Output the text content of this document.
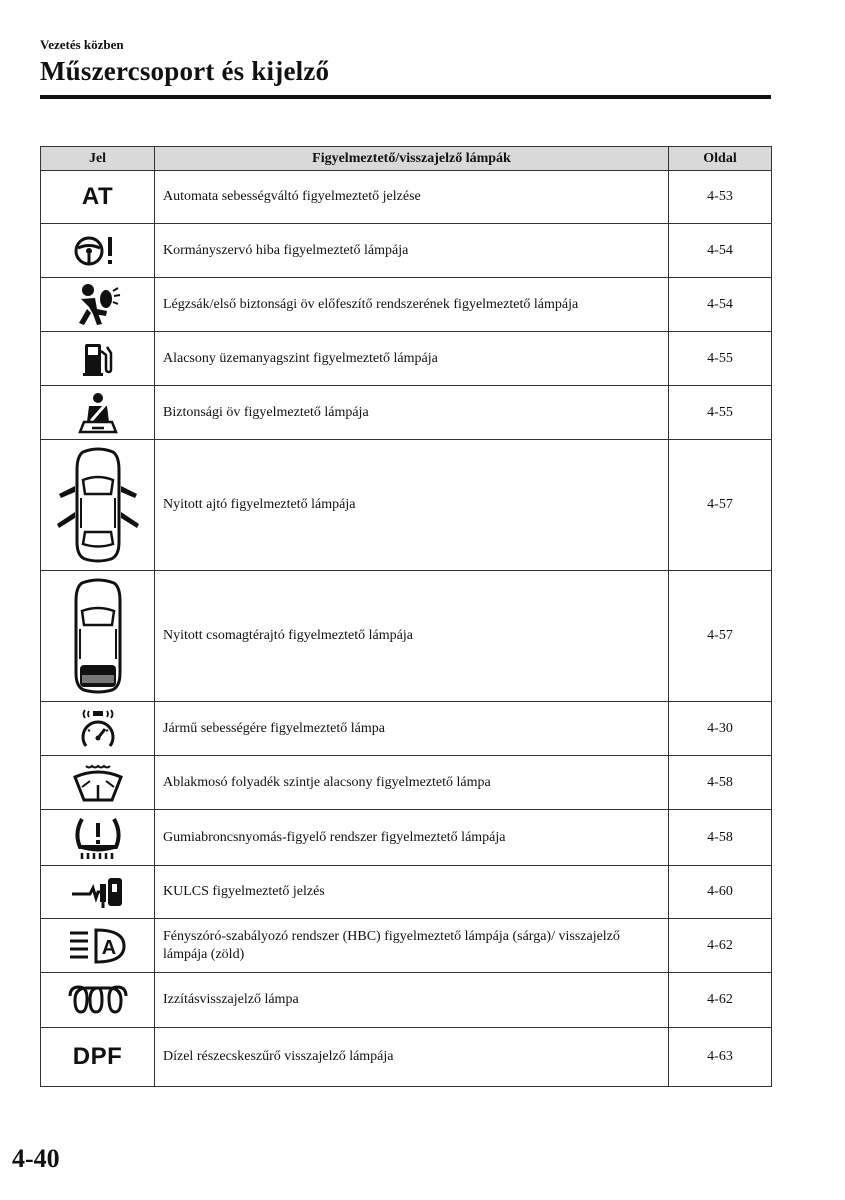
Vezetés közben
Műszercsoport és kijelző
Jel	Figyelmeztető/visszajelző lámpák	Oldal
AT	Automata sebességváltó figyelmeztető jelzése	4-53

	Kormányszervó hiba figyelmeztető lámpája	4-54

	Légzsák/első biztonsági öv előfeszítő rendszerének figyelmeztető lámpája	4-54

	Alacsony üzemanyagszint figyelmeztető lámpája	4-55

	Biztonsági öv figyelmeztető lámpája	4-55

	Nyitott ajtó figyelmeztető lámpája	4-57

	Nyitott csomagtérajtó figyelmeztető lámpája	4-57

	Jármű sebességére figyelmeztető lámpa	4-30

	Ablakmosó folyadék szintje alacsony figyelmeztető lámpa	4-58

	Gumiabroncsnyomás-figyelő rendszer figyelmeztető lámpája	4-58

	KULCS figyelmeztető jelzés	4-60

A	Fényszóró-szabályozó rendszer (HBC) figyelmeztető lámpája (sárga)/ visszajelző lámpája (zöld)	4-62

	Izzításvisszajelző lámpa	4-62
DPF	Dízel részecskeszűrő visszajelző lámpája	4-63
4-40
